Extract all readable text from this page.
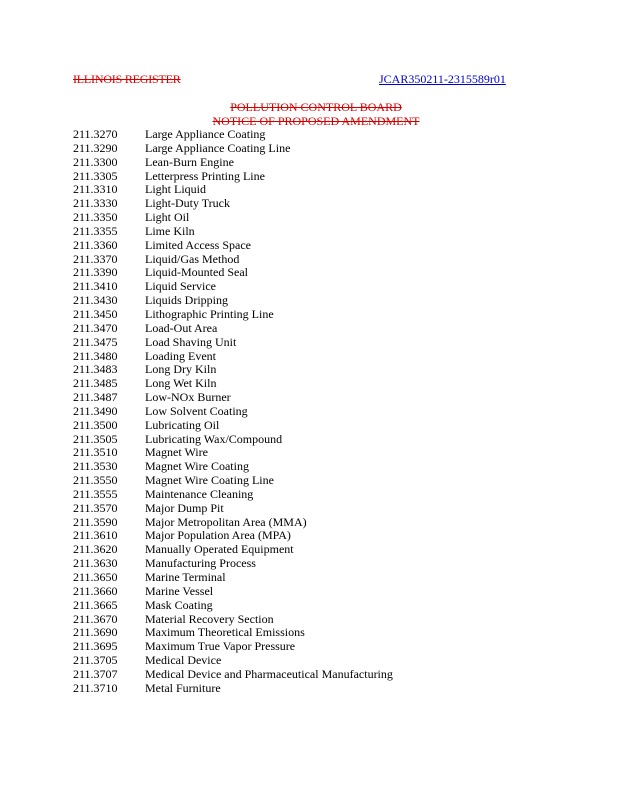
ILLINOIS REGISTER	JCAR350211-2315589r01
POLLUTION CONTROL BOARD
NOTICE OF PROPOSED AMENDMENT
211.3270 Large Appliance Coating
211.3290 Large Appliance Coating Line
211.3300 Lean-Burn Engine
211.3305 Letterpress Printing Line
211.3310 Light Liquid
211.3330 Light-Duty Truck
211.3350 Light Oil
211.3355 Lime Kiln
211.3360 Limited Access Space
211.3370 Liquid/Gas Method
211.3390 Liquid-Mounted Seal
211.3410 Liquid Service
211.3430 Liquids Dripping
211.3450 Lithographic Printing Line
211.3470 Load-Out Area
211.3475 Load Shaving Unit
211.3480 Loading Event
211.3483 Long Dry Kiln
211.3485 Long Wet Kiln
211.3487 Low-NOx Burner
211.3490 Low Solvent Coating
211.3500 Lubricating Oil
211.3505 Lubricating Wax/Compound
211.3510 Magnet Wire
211.3530 Magnet Wire Coating
211.3550 Magnet Wire Coating Line
211.3555 Maintenance Cleaning
211.3570 Major Dump Pit
211.3590 Major Metropolitan Area (MMA)
211.3610 Major Population Area (MPA)
211.3620 Manually Operated Equipment
211.3630 Manufacturing Process
211.3650 Marine Terminal
211.3660 Marine Vessel
211.3665 Mask Coating
211.3670 Material Recovery Section
211.3690 Maximum Theoretical Emissions
211.3695 Maximum True Vapor Pressure
211.3705 Medical Device
211.3707 Medical Device and Pharmaceutical Manufacturing
211.3710 Metal Furniture
